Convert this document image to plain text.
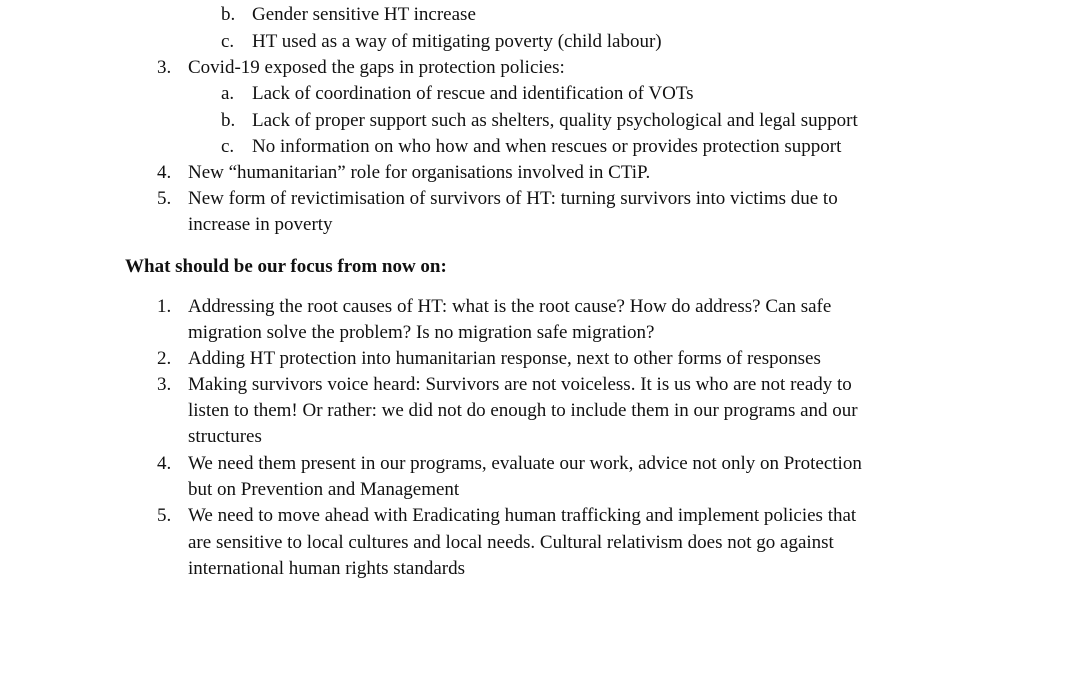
b. Gender sensitive HT increase
c. HT used as a way of mitigating poverty (child labour)
3. Covid-19 exposed the gaps in protection policies:
a. Lack of coordination of rescue and identification of VOTs
b. Lack of proper support such as shelters, quality psychological and legal support
c. No information on who how and when rescues or provides protection support
4. New “humanitarian” role for organisations involved in CTiP.
5. New form of revictimisation of survivors of HT: turning survivors into victims due to
increase in poverty
What should be our focus from now on:
1. Addressing the root causes of HT: what is the root cause? How do address? Can safe
migration solve the problem? Is no migration safe migration?
2. Adding HT protection into humanitarian response, next to other forms of responses
3. Making survivors voice heard: Survivors are not voiceless. It is us who are not ready to
listen to them! Or rather: we did not do enough to include them in our programs and our
structures
4. We need them present in our programs, evaluate our work, advice not only on Protection
but on Prevention and Management
5. We need to move ahead with Eradicating human trafficking and implement policies that
are sensitive to local cultures and local needs. Cultural relativism does not go against
international human rights standards
